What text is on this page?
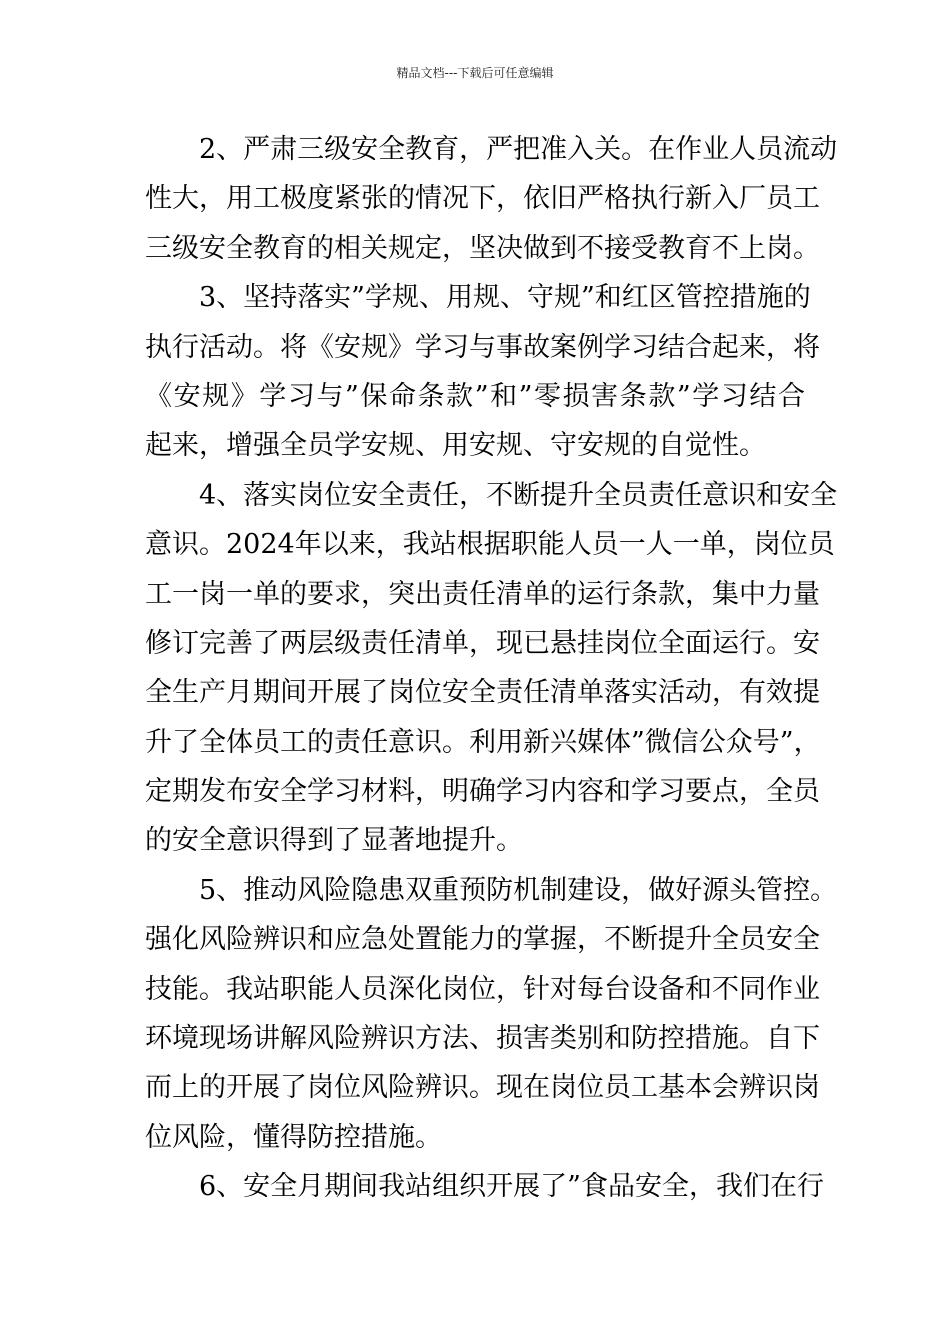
精品文档---下载后可任意编辑
2、严肃三级安全教育，严把准入关。在作业人员流动
性大，用工极度紧张的情况下，依旧严格执行新入厂员工
三级安全教育的相关规定，坚决做到不接受教育不上岗。
3、坚持落实”学规、用规、守规”和红区管控措施的
执行活动。将《安规》学习与事故案例学习结合起来，将
《安规》学习与”保命条款”和”零损害条款”学习结合
起来，增强全员学安规、用安规、守安规的自觉性。
4、落实岗位安全责任，不断提升全员责任意识和安全
意识。2024年以来，我站根据职能人员一人一单，岗位员
工一岗一单的要求，突出责任清单的运行条款，集中力量
修订完善了两层级责任清单，现已悬挂岗位全面运行。安
全生产月期间开展了岗位安全责任清单落实活动，有效提
升了全体员工的责任意识。利用新兴媒体”微信公众号”，
定期发布安全学习材料，明确学习内容和学习要点，全员
的安全意识得到了显著地提升。
5、推动风险隐患双重预防机制建设，做好源头管控。
强化风险辨识和应急处置能力的掌握，不断提升全员安全
技能。我站职能人员深化岗位，针对每台设备和不同作业
环境现场讲解风险辨识方法、损害类别和防控措施。自下
而上的开展了岗位风险辨识。现在岗位员工基本会辨识岗
位风险，懂得防控措施。
6、安全月期间我站组织开展了”食品安全，我们在行
